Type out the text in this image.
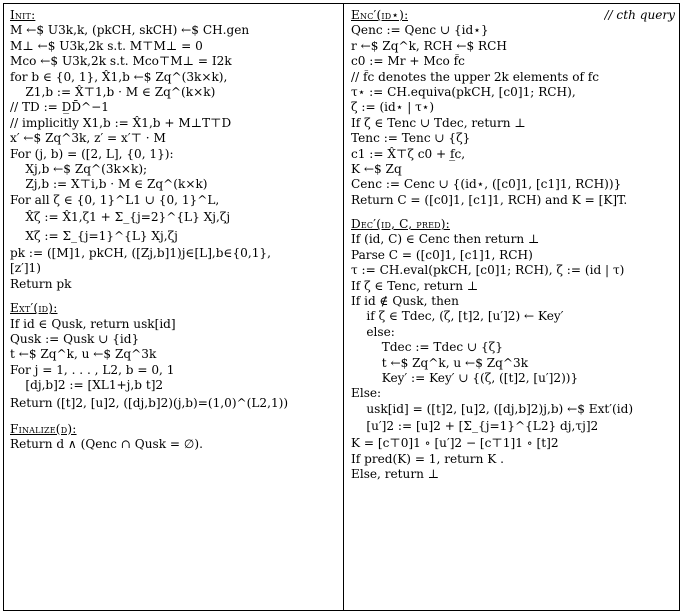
Init:
M ←$ U3k,k, (pkCH, skCH) ←$ CH.gen
M⊥ ←$ U3k,2k s.t. M⊤M⊥ = 0
Mco ←$ U3k,2k s.t. Mco⊤M⊥ = I2k
for b ∈ {0, 1}, X̂1,b ←$ Zq^(3k×k),
Z1,b := X̂⊤1,b · M ∈ Zq^(k×k)
// TD := D̲D̄^−1
// implicitly X1,b := X̂1,b + M⊥T⊤D
x′ ←$ Zq^3k, z′ = x′⊤ · M
For (j, b) = ([2, L], {0, 1}):
Xj,b ←$ Zq^(3k×k);
Zj,b := X⊤i,b · M ∈ Zq^(k×k)
For all ζ ∈ {0, 1}^L1 ∪ {0, 1}^L,
X̂ζ := X̂1,ζ1 + Σ_{j=2}^{L} Xj,ζj
Xζ := Σ_{j=1}^{L} Xj,ζj
pk := ([M]1, pkCH, ([Zj,b]1)j∈[L],b∈{0,1},
[z′]1)
Return pk
Ext′(id):
If id ∈ Qusk, return usk[id]
Qusk := Qusk ∪ {id}
t ←$ Zq^k, u ←$ Zq^3k
For j = 1, . . . , L2, b = 0, 1
[dj,b]2 := [XL1+j,b t]2
Return ([t]2, [u]2, ([dj,b]2)(j,b)=(1,0)^(L2,1))
Finalize(d):
Return d ∧ (Qenc ∩ Qusk = ∅).
Enc′(id⋆):	// cth query
Qenc := Qenc ∪ {id⋆}
r ←$ Zq^k, RCH ←$ RCH
c0 := Mr + Mco f̄c
// f̄c denotes the upper 2k elements of fc
τ⋆ := CH.equiva(pkCH, [c0]1; RCH),
ζ := (id⋆ | τ⋆)
If ζ ∈ Tenc ∪ Tdec, return ⊥
Tenc := Tenc ∪ {ζ}
c1 := X̂⊤ζ c0 + f̲c,
K ←$ Zq
Cenc := Cenc ∪ {(id⋆, ([c0]1, [c1]1, RCH))}
Return C = ([c0]1, [c1]1, RCH) and K = [K]T.
Dec′(id, C, pred):
If (id, C) ∈ Cenc then return ⊥
Parse C = ([c0]1, [c1]1, RCH)
τ := CH.eval(pkCH, [c0]1; RCH), ζ := (id | τ)
If ζ ∈ Tenc, return ⊥
If id ∉ Qusk, then
if ζ ∈ Tdec, (ζ, [t]2, [u′]2) ← Key′
else:
Tdec := Tdec ∪ {ζ}
t ←$ Zq^k, u ←$ Zq^3k
Key′ := Key′ ∪ {(ζ, ([t]2, [u′]2))}
Else:
usk[id] = ([t]2, [u]2, ([dj,b]2)j,b) ←$ Ext′(id)
[u′]2 := [u]2 + [Σ_{j=1}^{L2} dj,τj]2
K = [c⊤0]1 ∘ [u′]2 − [c⊤1]1 ∘ [t]2
If pred(K) = 1, return K .
Else, return ⊥
